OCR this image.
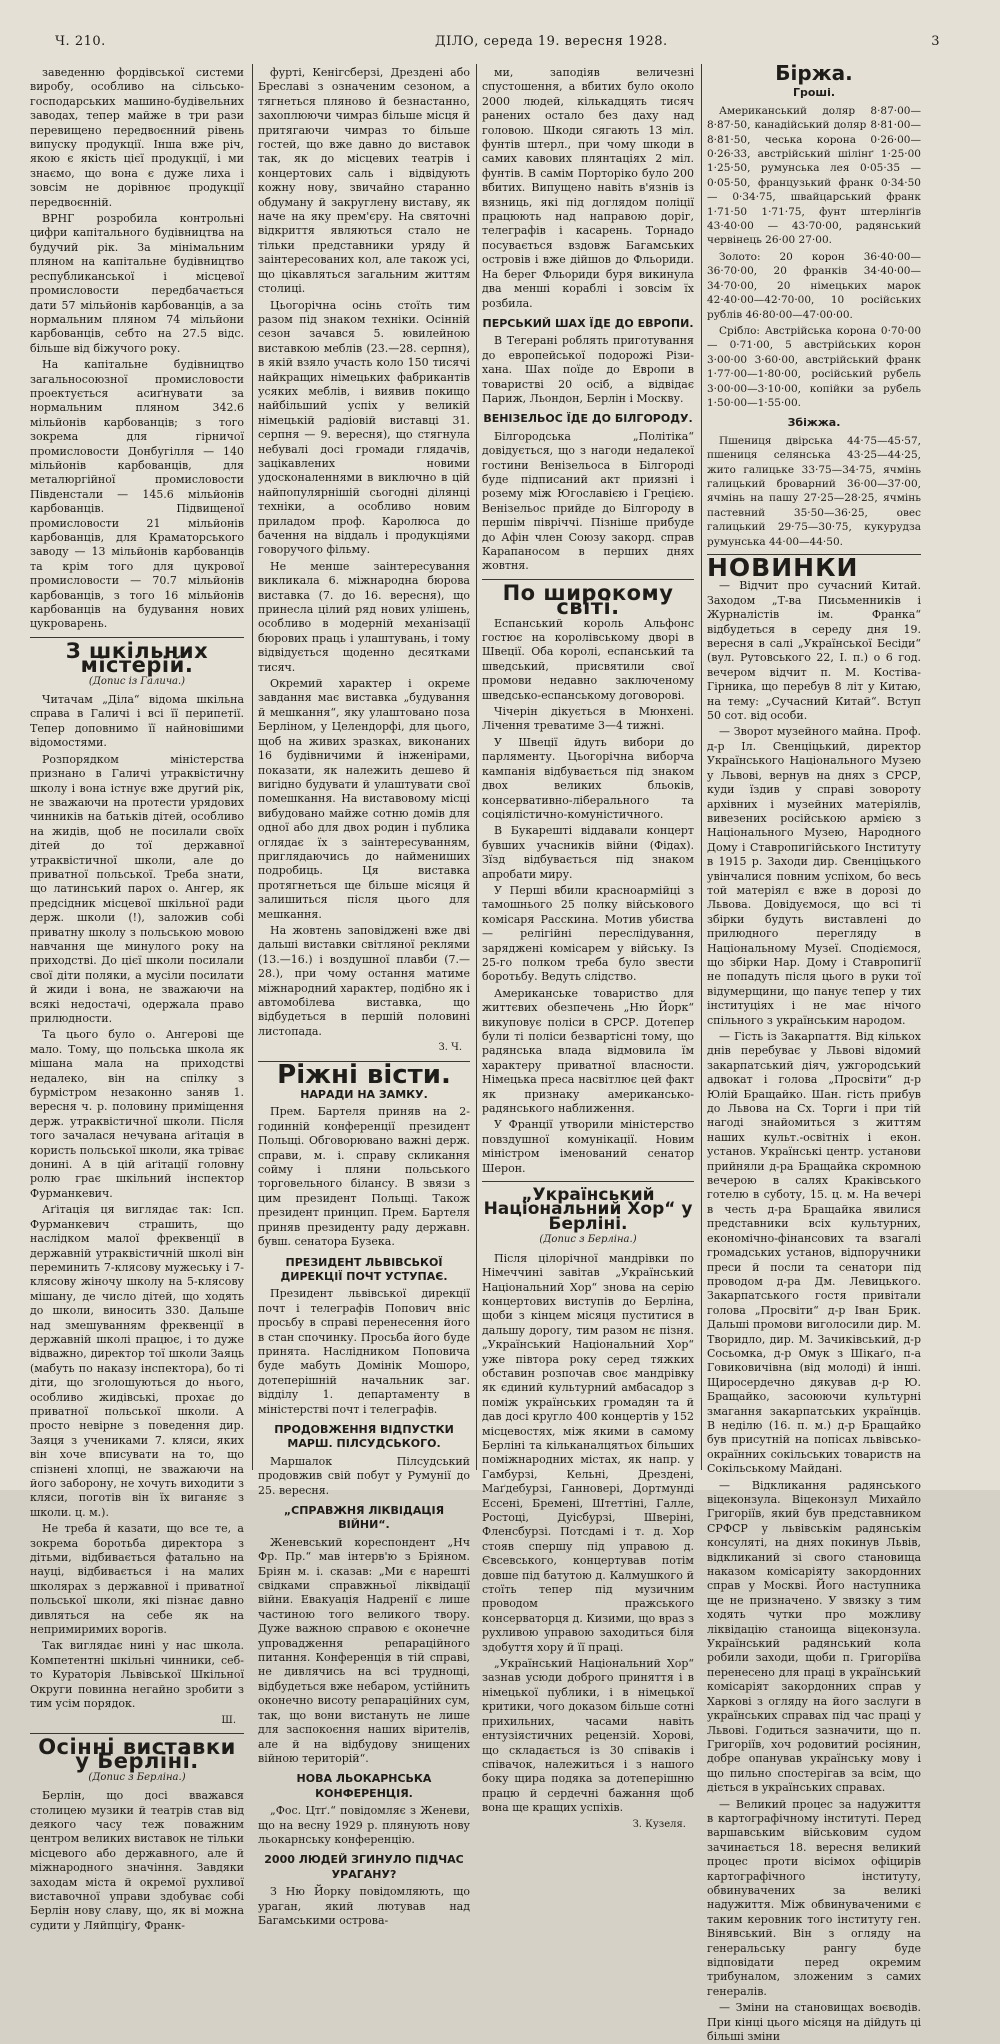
Ч. 210.	ДІЛО, середа 19. вересня 1928.	3

заведенню фордівської системи виробу, особливо на сільсько-господарських машино-будівельних заводах, тепер майже в три рази перевищено передвоєнний рівень випуску продукції. Інша вже річ, якою є якість цієї продукції, і ми знаємо, що вона є дуже лиха і зовсім не дорівнює продукції передвоєнній.

ВРНГ розробила контрольні цифри капітального будівництва на будучий рік. За мінімальним пляном на капітальне будівництво республиканської і місцевої промисловости передбачається дати 57 мільйонів карбованців, а за нормальним пляном 74 мільйони карбованців, себто на 27.5 відс. більше від біжучого року.

На капітальне будівництво загальносоюзної промисловости проектується асиґнувати за нормальним пляном 342.6 мільйонів карбованців; з того зокрема для гірничої промисловости Донбугілля — 140 мільйонів карбованців, для металюргійної промисловости Південстали — 145.6 мільйонів карбованців. Підвищеної промисловости 21 мільйонів карбованців, для Краматорського заводу — 13 мільйонів карбованців та крім того для цукрової промисловости — 70.7 мільйонів карбованців, з того 16 мільйонів карбованців на будування нових цукроварень.

З шкільних містерій.
(Допис із Галича.)

Читачам „Діла“ відома шкільна справа в Галичі і всі її перипетії. Тепер доповнимо її найновішими відомостями.

Розпорядком міністерства признано в Галичі утраквістичну школу і вона істнує вже другий рік, не зважаючи на протести урядових чинників на батьків дітей, особливо на жидів, щоб не посилали своїх дітей до тої державної утраквістичної школи, але до приватної польської. Треба знати, що латинський парох о. Ангер, як предсідник місцевої шкільної ради держ. школи (!), заложив собі приватну школу з польською мовою навчання ще минулого року на приходстві. До цієї школи посилали свої діти поляки, а мусіли посилати й жиди і вона, не зважаючи на всякі недостачі, одержала право прилюдности.

Та цього було о. Ангерові ще мало. Тому, що польська школа як мішана мала на приходстві недалеко, він на спілку з бурмістром незаконно заняв 1. вересня ч. р. половину приміщення держ. утраквістичної школи. Після того зачалася нечувана аґітація в користь польської школи, яка тріває донині. А в цій аґітації головну ролю грає шкільний інспектор Фурманкевич.

Аґітація ця виглядає так: Ісп. Фурманкевич страшить, що наслідком малої фреквенції в державній утраквістичній школі він переминить 7-клясову мужеську і 7-клясову жіночу школу на 5-клясову мішану, де число дітей, що ходять до школи, виносить 330. Дальше над змешуванням фреквенції в державній школі працює, і то дуже відважно, директор тої школи Заяць (мабуть по наказу інспектора), бо ті діти, що зголошуються до нього, особливо жидівські, прохає до приватної польської школи. А просто невірне з поведення дир. Заяця з учениками 7. кляси, яких він хоче вписувати на то, що спізнені хлопці, не зважаючи на його заборону, не хочуть виходити з кляси, поготів він їх виганяє з школи. ц. м.).

Не треба й казати, що все те, а зокрема боротьба директора з дітьми, відбивається фатально на науці, відбивається і на малих школярах з державної і приватної польської школи, які пізнає давно дивляться на себе як на непримиримих ворогів.

Так виглядає нині у нас школа. Компетентні шкільні чинники, себ-то Кураторія Львівської Шкільної Округи повинна негайно зробити з тим усім порядок.

Ш.
Осінні виставки у Берліні.
(Допис з Берліна.)

Берлін, що досі вважався столицею музики й театрів став від деякого часу теж поважним центром великих виставок не тільки місцевого або державного, але й міжнародного значіння. Завдяки заходам міста й окремої рухливої виставочної управи здобуває собі Берлін нову славу, що, як ві можна судити у Ляйпціґу, Франк-

фурті, Кенігсберзі, Дрездені або Бреславі з означеним сезоном, а тягнеться пляново й безнастанно, захоплюючи чимраз більше місця й притягаючи чимраз то більше гостей, що вже давно до виставок так, як до місцевих театрів і концертових саль і відвідують кожну нову, звичайно старанно обдуману й закруглену виставу, як наче на яку прем'єру. На святочні відкриття являються стало не тільки представники уряду й заінтересованих кол, але також усі, що цікавляться загальним життям столиці.

Цьогорічна осінь стоїть тим разом під знаком техніки. Осінній сезон зачався 5. ювилейною виставкою меблів (23.—28. серпня), в якій взяло участь коло 150 тисячі найкращих німецьких фабрикантів усяких меблів, і виявив покищо найбільший успіх у великій німецькій радіовій виставці 31. серпня — 9. вересня), що стягнула небувалі досі громади глядачів, зацікавлених новими удосконаленнями в виключно в цій найпопулярнішій сьогодні ділянці техніки, а особливо новим приладом проф. Каролюса до бачення на віддаль і продукціями говоручого фільму.

Не менше заінтересування викликала 6. міжнародна бюрова виставка (7. до 16. вересня), що принесла цілий ряд нових улішень, особливо в модерній механізації бюрових праць і улаштувань, і тому відвідується щоденно десятками тисяч.

Окремий характер і окреме завдання має виставка „будування й мешкання“, яку улаштовано поза Берліном, у Целендорфі, для цього, щоб на живих зразках, виконаних 16 будівничими й інженірами, показати, як належить дешево й вигідно будувати й улаштувати свої помешкання. На виставовому місці вибудовано майже сотню домів для одної або для двох родин і публика оглядає їх з заінтересуванням, приглядаючись до наймениших подробиць. Ця виставка протягнеться ще більше місяця й залишиться після цього для мешкання.

На жовтень заповіджені вже дві дальші виставки світляної реклями (13.—16.) і воздушної плавби (7.—28.), при чому остання матиме міжнародний характер, подібно як і автомобілева виставка, що відбудеться в першій половині листопада.

З. Ч.
Ріжні вісти.
НАРАДИ НА ЗАМКУ.

Прем. Бартеля приняв на 2-годинній конференції президент Польщі. Обговорювано важні держ. справи, м. і. справу скликання сойму і пляни польського торговельного білансу. В звязи з цим президент Польщі. Також президент принцип. Прем. Бартеля приняв президенту раду державн. бувш. сенатора Бузека.

ПРЕЗИДЕНТ ЛЬВІВСЬКОЇ ДИРЕКЦІЇ ПОЧТ УСТУПАЄ.

Президент львівської дирекції почт і телеграфів Попович вніс просьбу в справі перенесення його в стан спочинку. Просьба його буде принята. Наслідником Поповича буде мабуть Домінік Мошоро, дотеперішній начальник заг. відділу 1. департаменту в міністерстві почт і телеграфів.

ПРОДОВЖЕННЯ ВІДПУСТКИ МАРШ. ПІЛСУДСЬКОГО.

Маршалок Пілсудський продовжив свій побут у Румунії до 25. вересня.

„СПРАВЖНЯ ЛІКВІДАЦІЯ ВІЙНИ“.

Женевський кореспондент „Нч Фр. Пр.“ мав інтерв'ю з Бріяном. Бріян м. і. сказав: „Ми є нарешті свідками справжньої ліквідації війни. Евакуація Надренії є лише частиною того великого твору. Дуже важною справою є оконечне упровадження репараційного питання. Конференція в тій справі, не дивлячись на всі труднощі, відбудеться вже небаром, устійнить оконечно висоту репараційних сум, так, що вони вистануть не лише для заспокоєння наших вірителів, але й на відбудову знищених війною територій“.

НОВА ЛЬОКАРНСЬКА КОНФЕРЕНЦІЯ.

„Фос. Цтґ.“ повідомляє з Женеви, що на весну 1929 р. плянують нову льокарнську конференцію.

2000 ЛЮДЕЙ ЗГИНУЛО ПІДЧАС УРАГАНУ?

З Ню Йорку повідомляють, що ураган, який лютував над Багамськими острова-

ми, заподіяв величезні спустошення, а вбитих було около 2000 людей, кількадцять тисяч ранених остало без даху над головою. Шкоди сягають 13 міл. фунтів штерл., при чому шкоди в самих кавових плянтаціях 2 міл. фунтів. В самім Портоpіко було 200 вбитих. Випущено навіть в'язнів із вязниць, які під доглядом поліції працюють над направою доріг, телеграфів і касарень. Торнадо посувається вздовж Багамських островів і вже дійшов до Фльориди. На берег Фльориди буря викинула два менші кораблі і зовсім їх розбила.

ПЕРСЬКИЙ ШАХ ЇДЕ ДО ЕВРОПИ.

В Тегерані роблять приготування до европейської подорожі Різи-хана. Шах поїде до Европи в товаристві 20 осіб, а відвідає Париж, Льондон, Берлін і Москву.

ВЕНІЗЕЛЬОС ЇДЕ ДО БІЛГОРОДУ.

Білгородська „Політіка“ довідується, що з нагоди недалекої гостини Венізельоса в Білгороді буде підписаний акт приязні і розему між Югославією і Грецією. Венізельос прийде до Білгороду в першім півріччі. Пізніше прибуде до Афін член Союзу закорд. справ Карапаносом в перших днях жовтня.

По широкому світі.

Еспанський король Альфонс гостює на королівському дворі в Швеції. Оба королі, еспанський та шведський, присвятили свої промови недавно заключеному шведсько-еспанському договорові.

Чічерін дікується в Мюнхені. Лічення треватиме 3—4 тижні.

У Швеції йдуть вибори до парляменту. Цьогорічна виборча кампанія відбувається під знаком двох великих бльоків, консервативно-ліберального та соціялістично-комуністичного.

В Букарешті віддавали концерт бувших учасників війни (Фідах). Зїзд відбувається під знаком апробати миру.

У Перші вбили красноармійці з тамошнього 25 полку військового комісаря Расскина. Мотив убиства — релігійні переслідування, заряджені комісарем у війську. Із 25-го полком треба було звести боротьбу. Ведуть слідство.

Американське товариство для життєвих обезпечень „Ню Йорк“ викуповує поліси в СРСР. Дотепер були ті поліси безвартісні тому, що радянська влада відмовила їм характеру приватної власности. Німецька преса насвітлює цей факт як признаку американсько-радянського наближення.

У Франції утворили міністерство повздушної комунікації. Новим міністром іменований сенатор Шерон.

„Український Національний Хор“ у Берліні.
(Допис з Берліна.)

Після цілорічної мандрівки по Німеччині завітав „Український Національний Хор“ знова на серію концертових виступів до Берліна, щоби з кінцем місяця пуститися в дальшу дорогу, тим разом нє пізня. „Український Національний Хор“ уже півтора року серед тяжких обставин розпочав своє мандрівку як єдиний культурний амбасадор з поміж українських громадян та й дав досі кругло 400 концертів у 152 місцевостях, між якими в самому Берліні та кільканалцятьох більших поміжнародних містах, як напр. у Гамбурзі, Кельні, Дрездені, Маґдебурзі, Ганновері, Дортмунді Ессені, Бремені, Штеттіні, Галле, Ростоці, Дуісбурзі, Шверіні, Фленсбурзі. Потсдамі і т. д. Хор стояв спершу під управою д. Євсевського, концертував потім довше під батутою д. Калмушкого й стоїть тепер під музичним проводом пражського консерваторця д. Кизими, що враз з рухливою управою заходиться біля здобуття хору й її праці.

„Український Національний Хор“ зазнав усюди доброго приняття і в німецької публики, і в німецької критики, чого доказом більше сотні прихильних, часами навіть ентузіястичних рецензій. Хорові, що складається із 30 співаків і співачок, належиться і з нашого боку щира подяка за дотеперішню працю й сердечні бажання щоб вона ще кращих успіхів.

З. Кузеля.
Біржа.
Гроші.

Американський доляр 8·87·00—8·87·50, канадійський доляр 8·81·00—8·81·50, чеська корона 0·26·00—0·26·33, австрійський шілінґ 1·25·00 1·25·50, румунська лея 0·05·35 — 0·05·50, французький франк 0·34·50 — 0·34·75, швайцарський франк 1·71·50 1·71·75, фунт штерлінґів 43·40·00 — 43·70·00, радянський червінець 26·00 27·00.

Золото: 20 корон 36·40·00—36·70·00, 20 франків 34·40·00—34·70·00, 20 німецьких марок 42·40·00—42·70·00, 10 російських рублів 46·80·00—47·00·00.

Срібло: Австрійська корона 0·70·00 — 0·71·00, 5 австрійських корон 3·00·00 3·60·00, австрійський франк 1·77·00—1·80·00, російський рубель 3·00·00—3·10·00, копійки за рубель 1·50·00—1·55·00.

Збіжжа.

Пшениця двірська 44·75—45·57, пшениця селянська 43·25—44·25, жито галицьке 33·75—34·75, ячмінь галицький броварний 36·00—37·00, ячмінь на пашу 27·25—28·25, ячмінь пастевний 35·50—36·25, овес галицький 29·75—30·75, кукурудза румунська 44·00—44·50.

НОВИНКИ

— Відчит про сучасний Китай. Заходом „Т-ва Письменників і Журналістів ім. Франка“ відбудеться в середу дня 19. вересня в салі „Української Бесіди“ (вул. Рутовського 22, І. п.) о 6 год. вечером відчит п. М. Костіва-Гірника, що перебув 8 літ у Китаю, на тему: „Сучасний Китай“. Вступ 50 сот. від особи.

— Зворот музейного майна. Проф. д-р Іл. Свенціцький, директор Українського Національного Музею у Львові, вернув на днях з СРСР, куди їздив у справі зовороту архівних і музейних матеріялів, вивезених російською армією з Національного Музею, Народного Дому і Ставропигійського Інституту в 1915 р. Заходи дир. Свенціцького увінчалися повним успіхом, бо весь той матеріял є вже в дорозі до Львова. Довідуємося, що всі ті збірки будуть виставлені до прилюдного перегляду в Національному Музеї. Сподіємося, що збірки Нар. Дому і Ставропигії не попадуть після цього в руки тої відумерщини, що панує тепер у тих інституціях і не має нічого спільного з українським народом.

— Гість із Закарпаття. Від кількох днів перебуває у Львові відомий закарпатський діяч, ужгородський адвокат і голова „Просвіти“ д-р Юлій Бращайко. Шан. гість прибув до Львова на Сх. Торги і при тій нагоді знайомиться з життям наших культ.-освітніх і екон. установ. Українські центр. установи прийняли д-ра Бращайка скромною вечерою в салях Краківського готелю в суботу, 15. ц. м. На вечері в честь д-ра Бращайка явилися представники всіх культурних, економічно-фінансових та взагалі громадських установ, відпоручники преси й посли та сенатори під проводом д-ра Дм. Левицького. Закарпатського гостя привітали голова „Просвіти“ д-р Іван Брик. Дальші промови виголосили дир. М. Творидло, дир. М. Зачиківський, д-р Сосьомка, д-р Омук з Шікаґо, п-а Говиковичівна (від молоді) й інші. Щиросердечно дякував д-р Ю. Бращайко, засоюючи культурні змагання закарпатських українців. В неділю (16. п. м.) д-р Бращайко був присутній на попісах львівсько-окраїнних сокільських товариств на Сокільському Майдані.

— Відкликання радянського віцеконзула. Віцеконзул Михайло Григоріїв, який був представником СРФСР у львівськім радянськім консуляті, на днях покинув Львів, відкликаний зі свого становища наказом комісаріяту закордонних справ у Москві. Його наступника ще не призначено. У звязку з тим ходять чутки про можливу ліквідацію станоища віцеконзула. Український радянський кола робили заходи, щоби п. Григоріїва перенесено для праці в український комісаріят закордонних справ у Харкові з огляду на його заслуги в українських справах під час праці у Львові. Годиться зазначити, що п. Григоріїв, хоч родовитий росіянин, добре опанував українську мову і що пильно спостерігав за всім, що діється в українських справах.

— Великий процес за надужиття в картографічному інституті. Перед варшавським військовим судом зачинається 18. вересня великий процес проти вісімох офіцирів картографічного інституту, обвинувачених за великі надужиття. Між обвинуваченими є таким керовник того інституту ген. Вінявський. Він з огляду на генеральську рангу буде відповідати перед окремим трибуналом, зложеним з самих генералів.

— Зміни на становищах воєводів. При кінці цього місяця на дійдуть ці більші зміни
